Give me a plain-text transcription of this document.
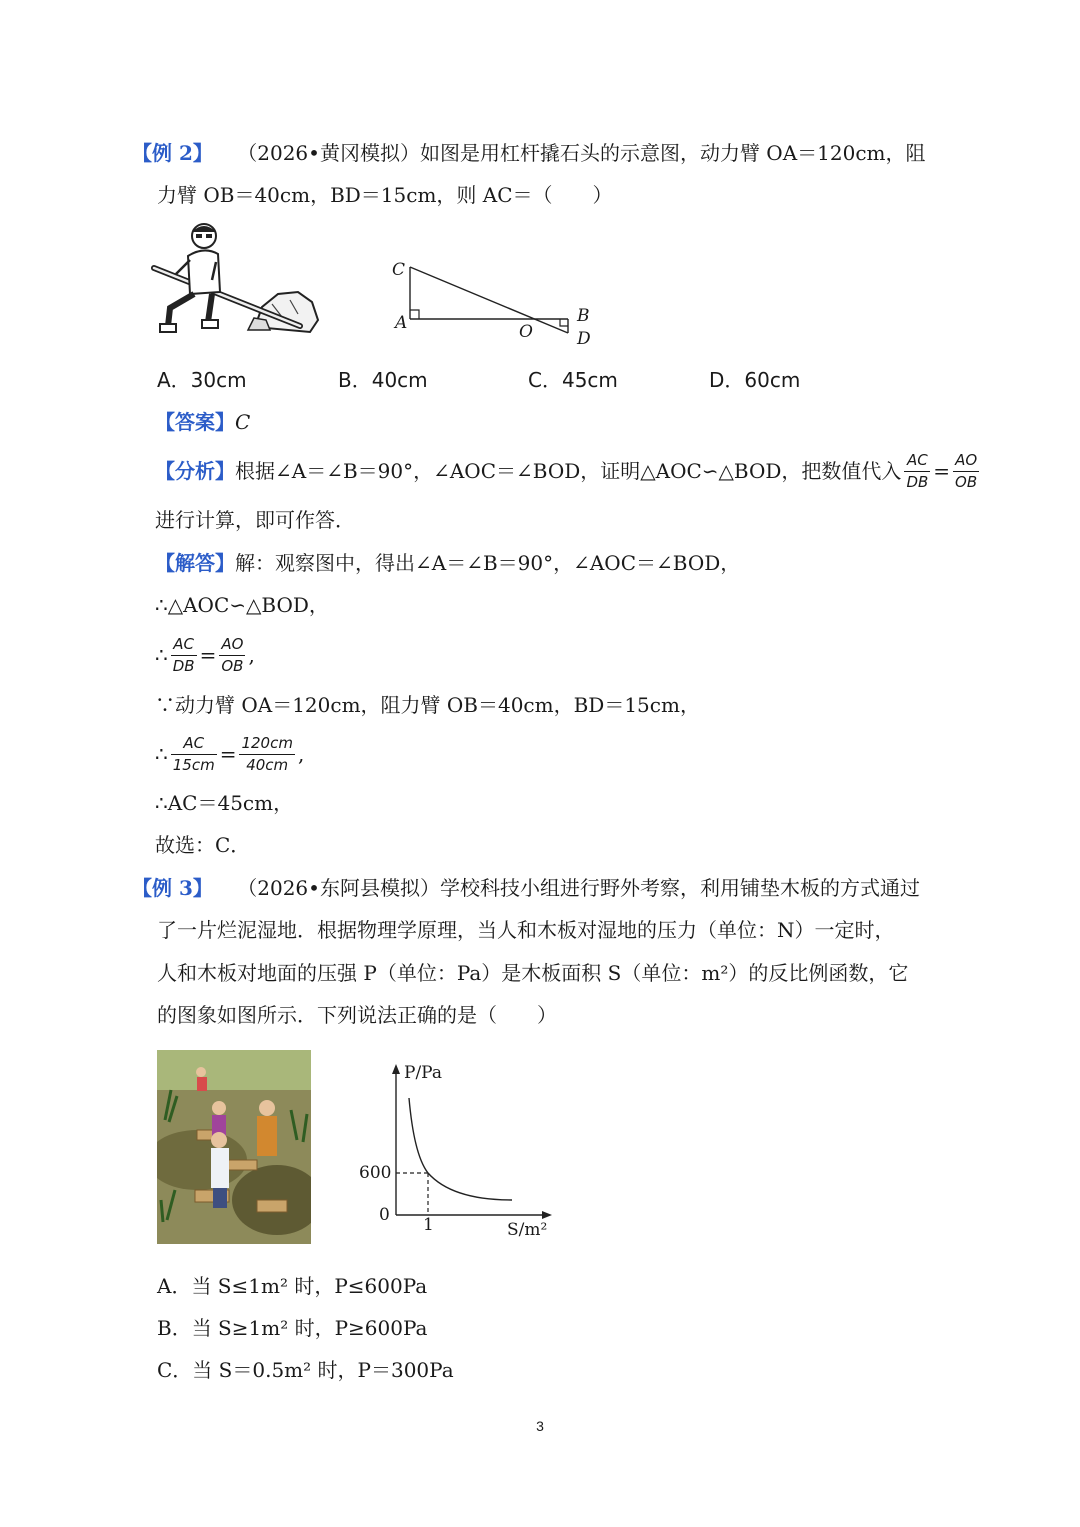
【例 2】 （2026•黄冈模拟）如图是用杠杆撬石头的示意图，动力臂 OA＝120cm，阻
力臂 OB＝40cm，BD＝15cm，则 AC＝（　　）
C
A	O
B
D
A．30cm	B．40cm	C．45cm	D．60cm
【答案】C
【分析】 根据∠A＝∠B＝90°，∠AOC＝∠BOD，证明△AOC∽△BOD，把数值代入 $\frac{AC}{DB} = \frac{AO}{OB}$
进行计算，即可作答．
【解答】解：观察图中，得出∠A＝∠B＝90°，∠AOC＝∠BOD，
∴△AOC∽△BOD，
∴ $\frac{AC}{DB} = \frac{AO}{OB}$ ,
∵动力臂 OA＝120cm，阻力臂 OB＝40cm，BD＝15cm，
∴ $\frac{AC}{15cm} = \frac{120cm}{40cm}$ ,
∴AC＝45cm，
故选：C．
【例 3】 （2026•东阿县模拟）学校科技小组进行野外考察，利用铺垫木板的方式通过
了一片烂泥湿地．根据物理学原理，当人和木板对湿地的压力（单位：N）一定时，
人和木板对地面的压强 P（单位：Pa）是木板面积 S（单位：m²）的反比例函数，它
的图象如图所示．下列说法正确的是（　　）
P/Pa
S/m²
600
1
0
A．当 S≤1m² 时，P≤600Pa
B．当 S≥1m² 时，P≥600Pa
C．当 S＝0.5m² 时，P＝300Pa
3
